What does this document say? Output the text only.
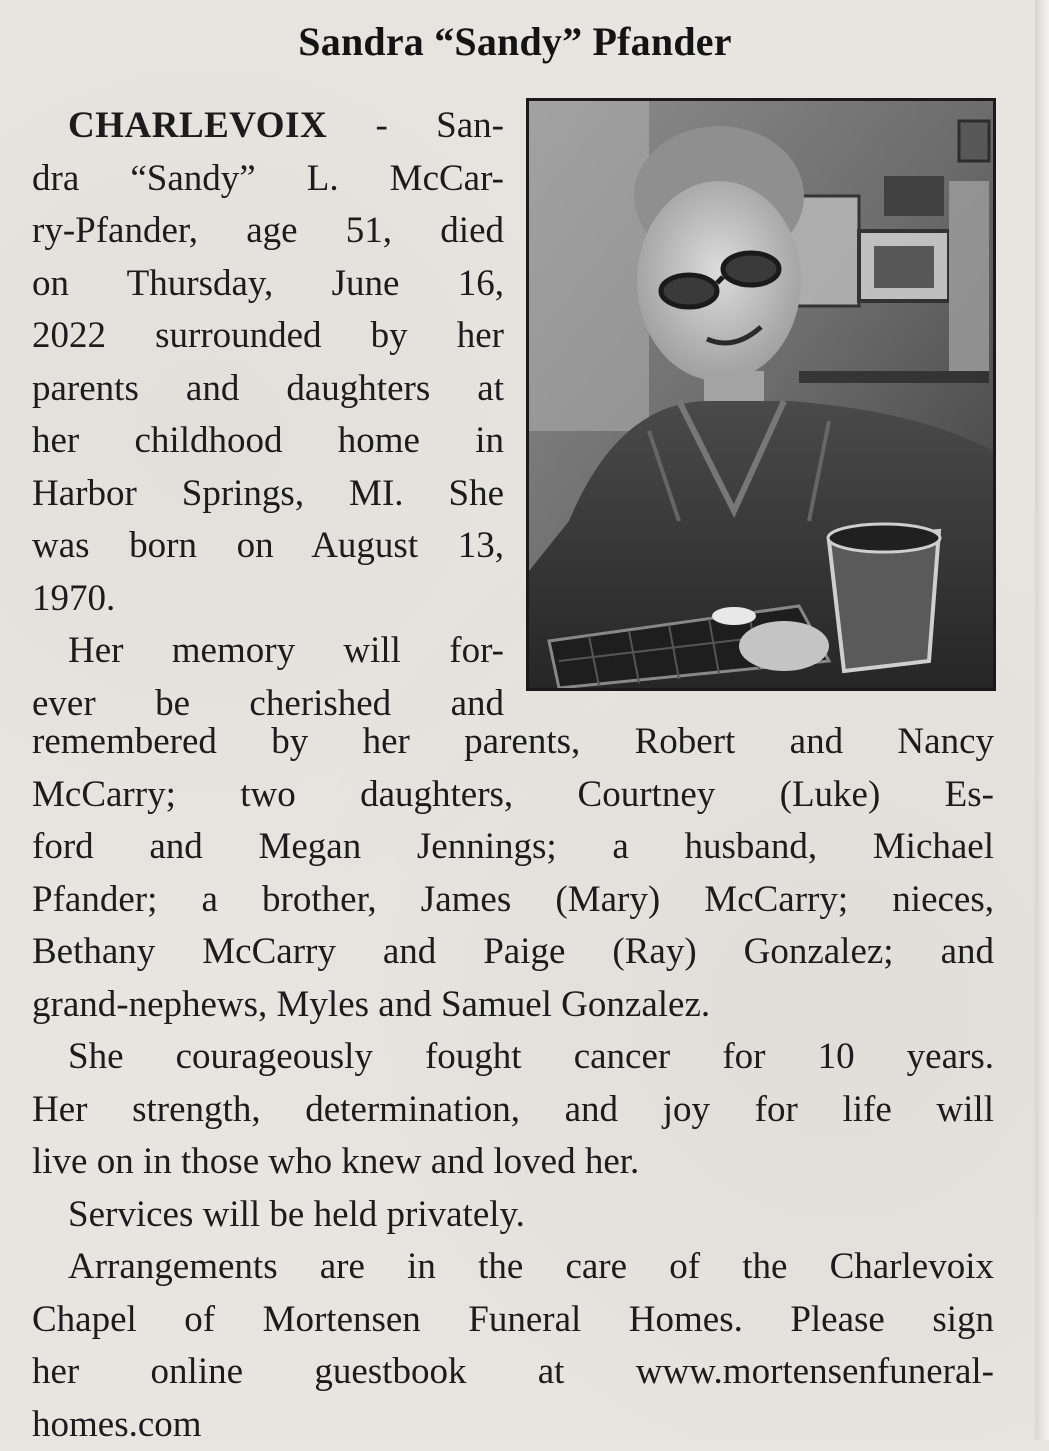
Sandra “Sandy” Pfander
CHARLEVOIX - San-
dra “Sandy” L. McCar-
ry-Pfander, age 51, died
on Thursday, June 16,
2022 surrounded by her
parents and daughters at
her childhood home in
Harbor Springs, MI. She
was born on August 13,
1970.
Her memory will for-
ever be cherished and
remembered by her parents, Robert and Nancy
McCarry; two daughters, Courtney (Luke) Es-
ford and Megan Jennings; a husband, Michael
Pfander; a brother, James (Mary) McCarry; nieces,
Bethany McCarry and Paige (Ray) Gonzalez; and
grand-nephews, Myles and Samuel Gonzalez.
She courageously fought cancer for 10 years.
Her strength, determination, and joy for life will
live on in those who knew and loved her.
Services will be held privately.
Arrangements are in the care of the Charlevoix
Chapel of Mortensen Funeral Homes. Please sign
her online guestbook at www.mortensenfuneral-
homes.com
